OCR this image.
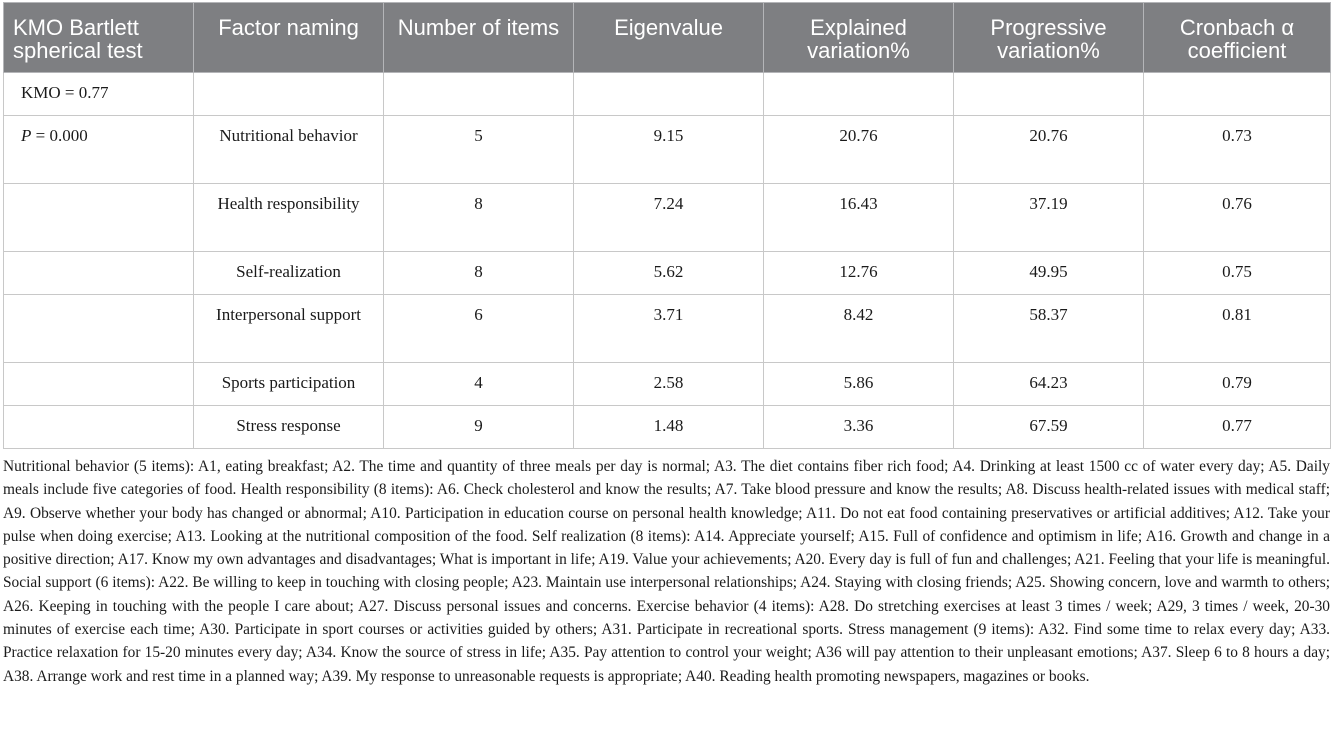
KMO Bartlett spherical test	Factor naming	Number of items	Eigenvalue	Explained variation%	Progressive variation%	Cronbach α coefficient
KMO = 0.77						
P = 0.000	Nutritional behavior	5	9.15	20.76	20.76	0.73
	Health responsibility	8	7.24	16.43	37.19	0.76
	Self-realization	8	5.62	12.76	49.95	0.75
	Interpersonal support	6	3.71	8.42	58.37	0.81
	Sports participation	4	2.58	5.86	64.23	0.79
	Stress response	9	1.48	3.36	67.59	0.77

Nutritional behavior (5 items): A1, eating breakfast; A2. The time and quantity of three meals per day is normal; A3. The diet contains fiber rich food; A4. Drinking at least 1500 cc of water every day; A5. Daily meals include five categories of food. Health responsibility (8 items): A6. Check cholesterol and know the results; A7. Take blood pressure and know the results; A8. Discuss health-related issues with medical staff; A9. Observe whether your body has changed or abnormal; A10. Participation in education course on personal health knowledge; A11. Do not eat food containing preservatives or artificial additives; A12. Take your pulse when doing exercise; A13. Looking at the nutritional composition of the food. Self realization (8 items): A14. Appreciate yourself; A15. Full of confidence and optimism in life; A16. Growth and change in a positive direction; A17. Know my own advantages and disadvantages; What is important in life; A19. Value your achievements; A20. Every day is full of fun and challenges; A21. Feeling that your life is meaningful. Social support (6 items): A22. Be willing to keep in touching with closing people; A23. Maintain use interpersonal relationships; A24. Staying with closing friends; A25. Showing concern, love and warmth to others; A26. Keeping in touching with the people I care about; A27. Discuss personal issues and concerns. Exercise behavior (4 items): A28. Do stretching exercises at least 3 times / week; A29, 3 times / week, 20-30 minutes of exercise each time; A30. Participate in sport courses or activities guided by others; A31. Participate in recreational sports. Stress management (9 items): A32. Find some time to relax every day; A33. Practice relaxation for 15-20 minutes every day; A34. Know the source of stress in life; A35. Pay attention to control your weight; A36 will pay attention to their unpleasant emotions; A37. Sleep 6 to 8 hours a day; A38. Arrange work and rest time in a planned way; A39. My response to unreasonable requests is appropriate; A40. Reading health promoting newspapers, magazines or books.
